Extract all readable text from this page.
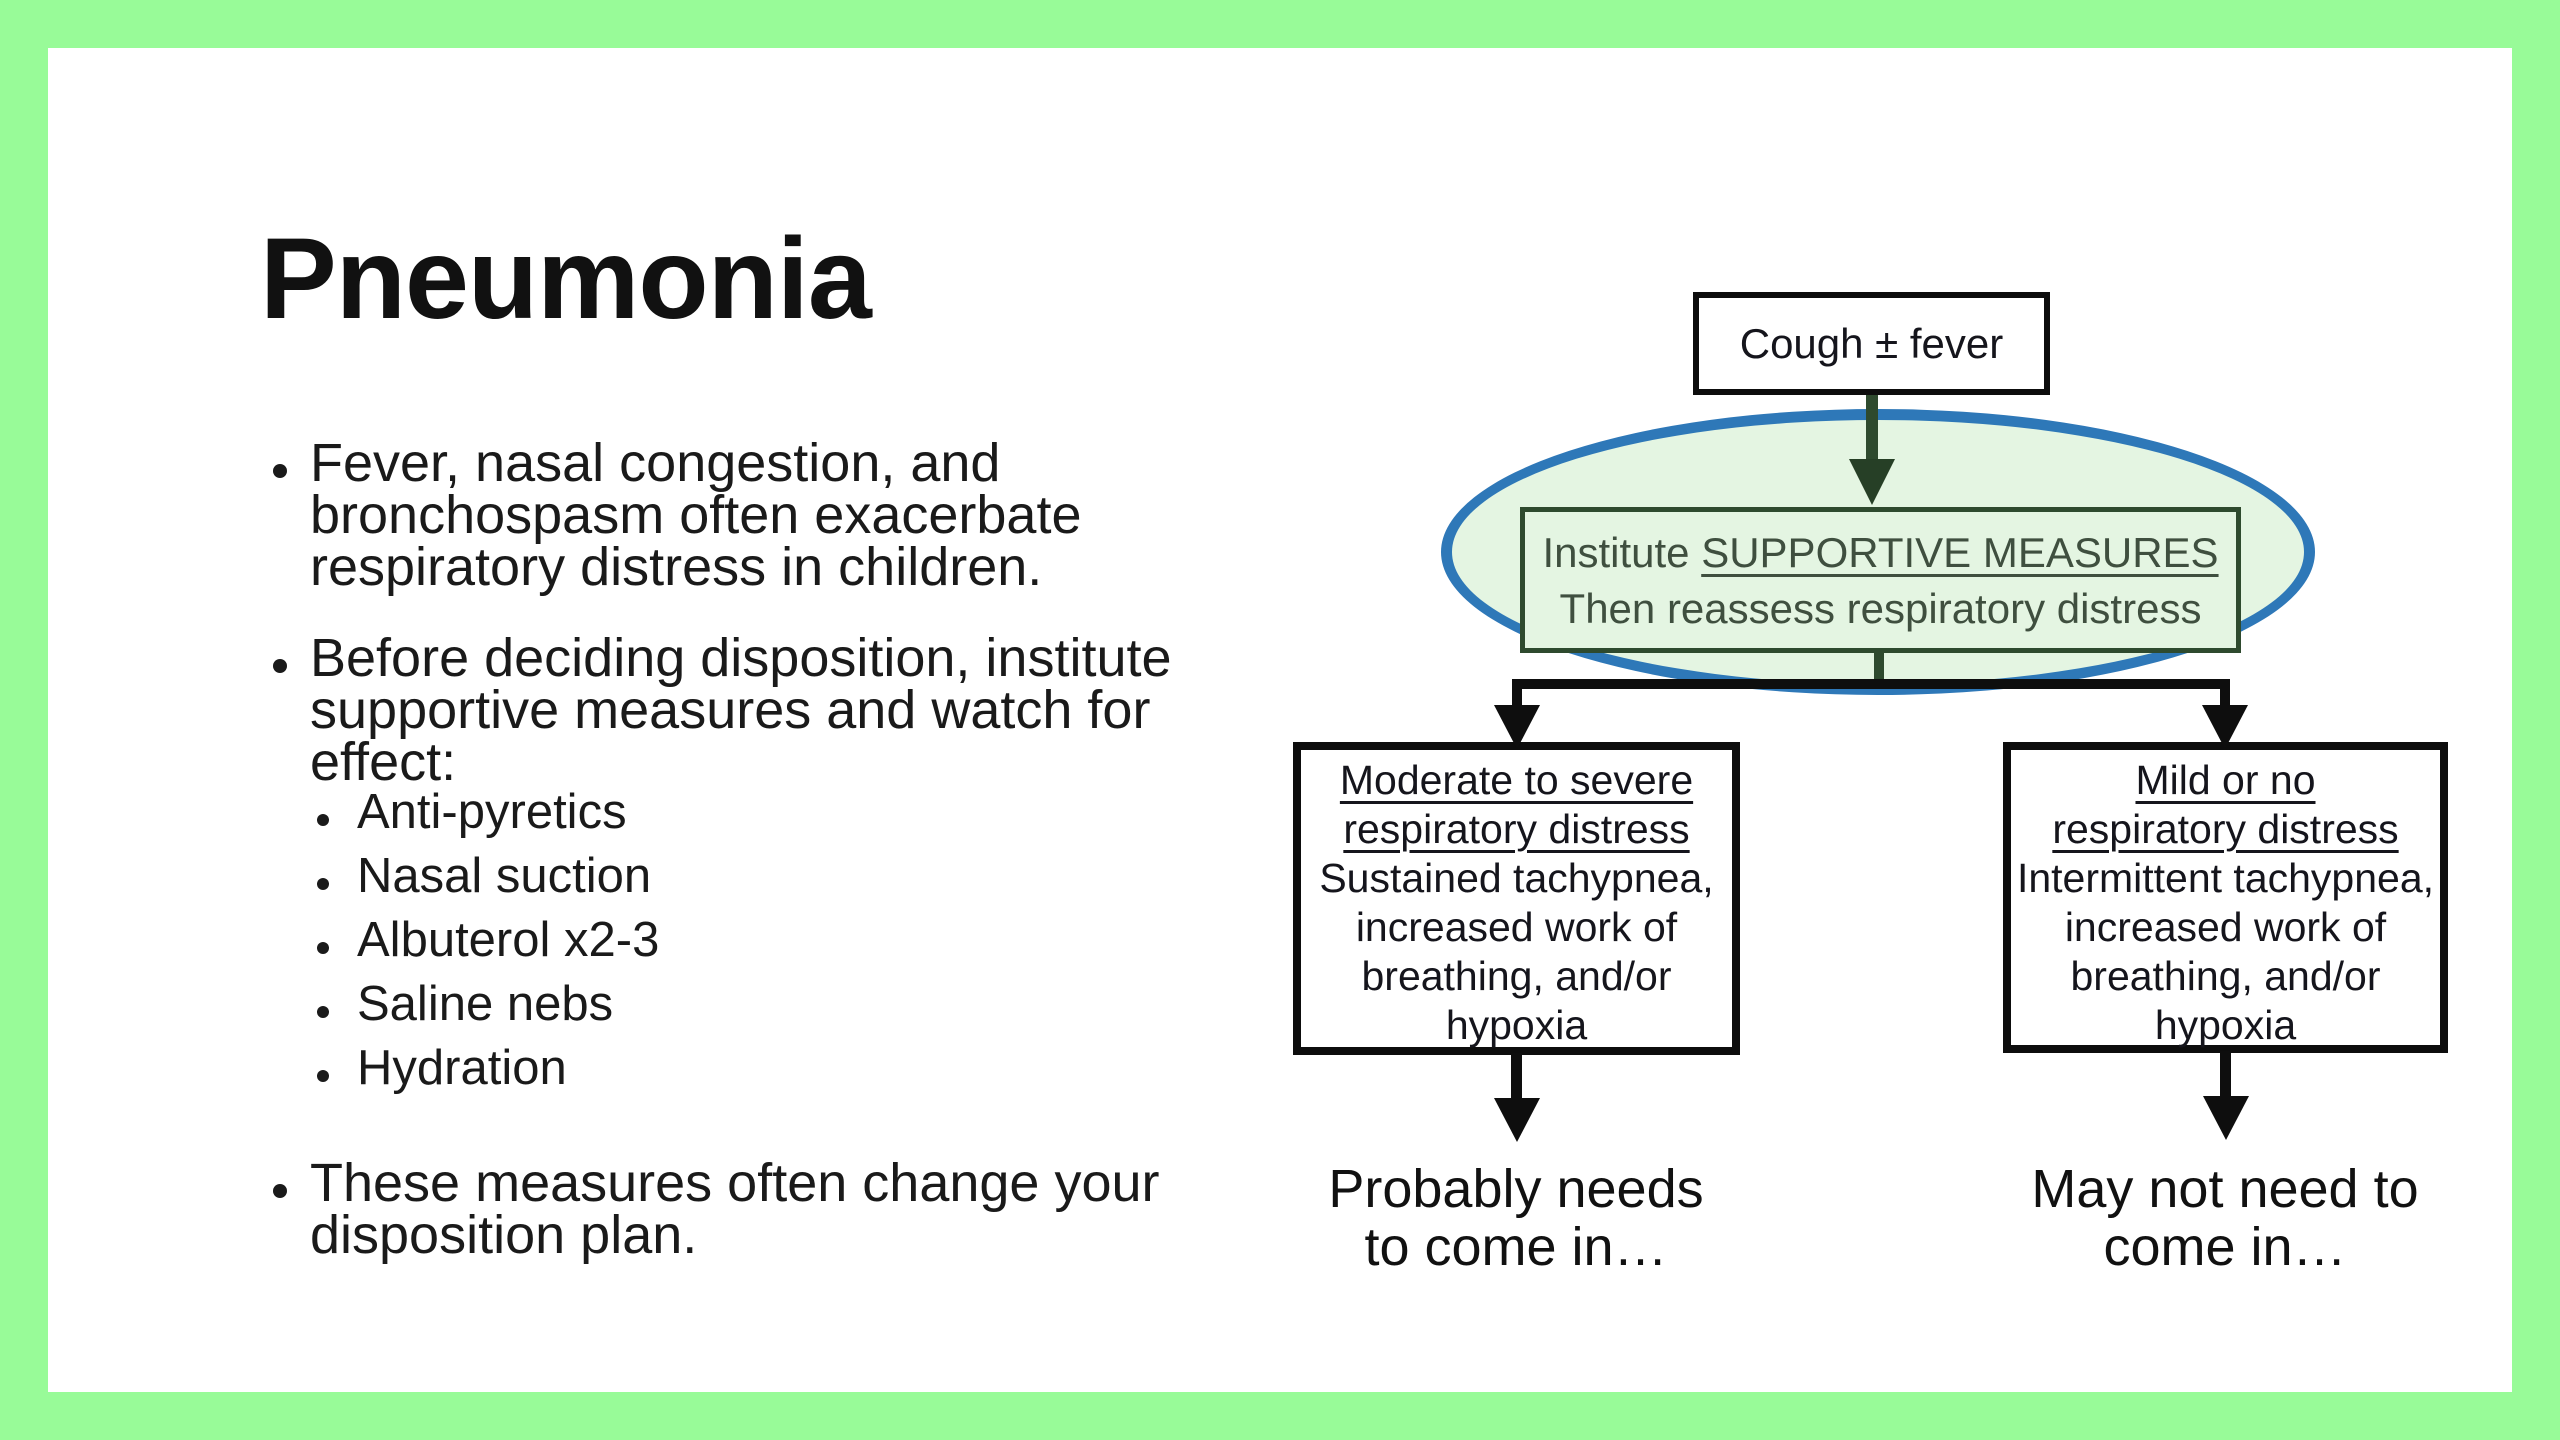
Pneumonia
Fever, nasal congestion, and
bronchospasm often exacerbate
respiratory distress in children.
Before deciding disposition, institute
supportive measures and watch for
effect:
Anti-pyretics
Nasal suction
Albuterol x2-3
Saline nebs
Hydration
These measures often change your
disposition plan.
Cough ± fever
Institute SUPPORTIVE MEASURES
Then reassess respiratory distress
Moderate to severe
respiratory distress
Sustained tachypnea,
increased work of
breathing, and/or
hypoxia
Mild or no
respiratory distress
Intermittent tachypnea,
increased work of
breathing, and/or
hypoxia
Probably needs
to come in…
May not need to
come in…
